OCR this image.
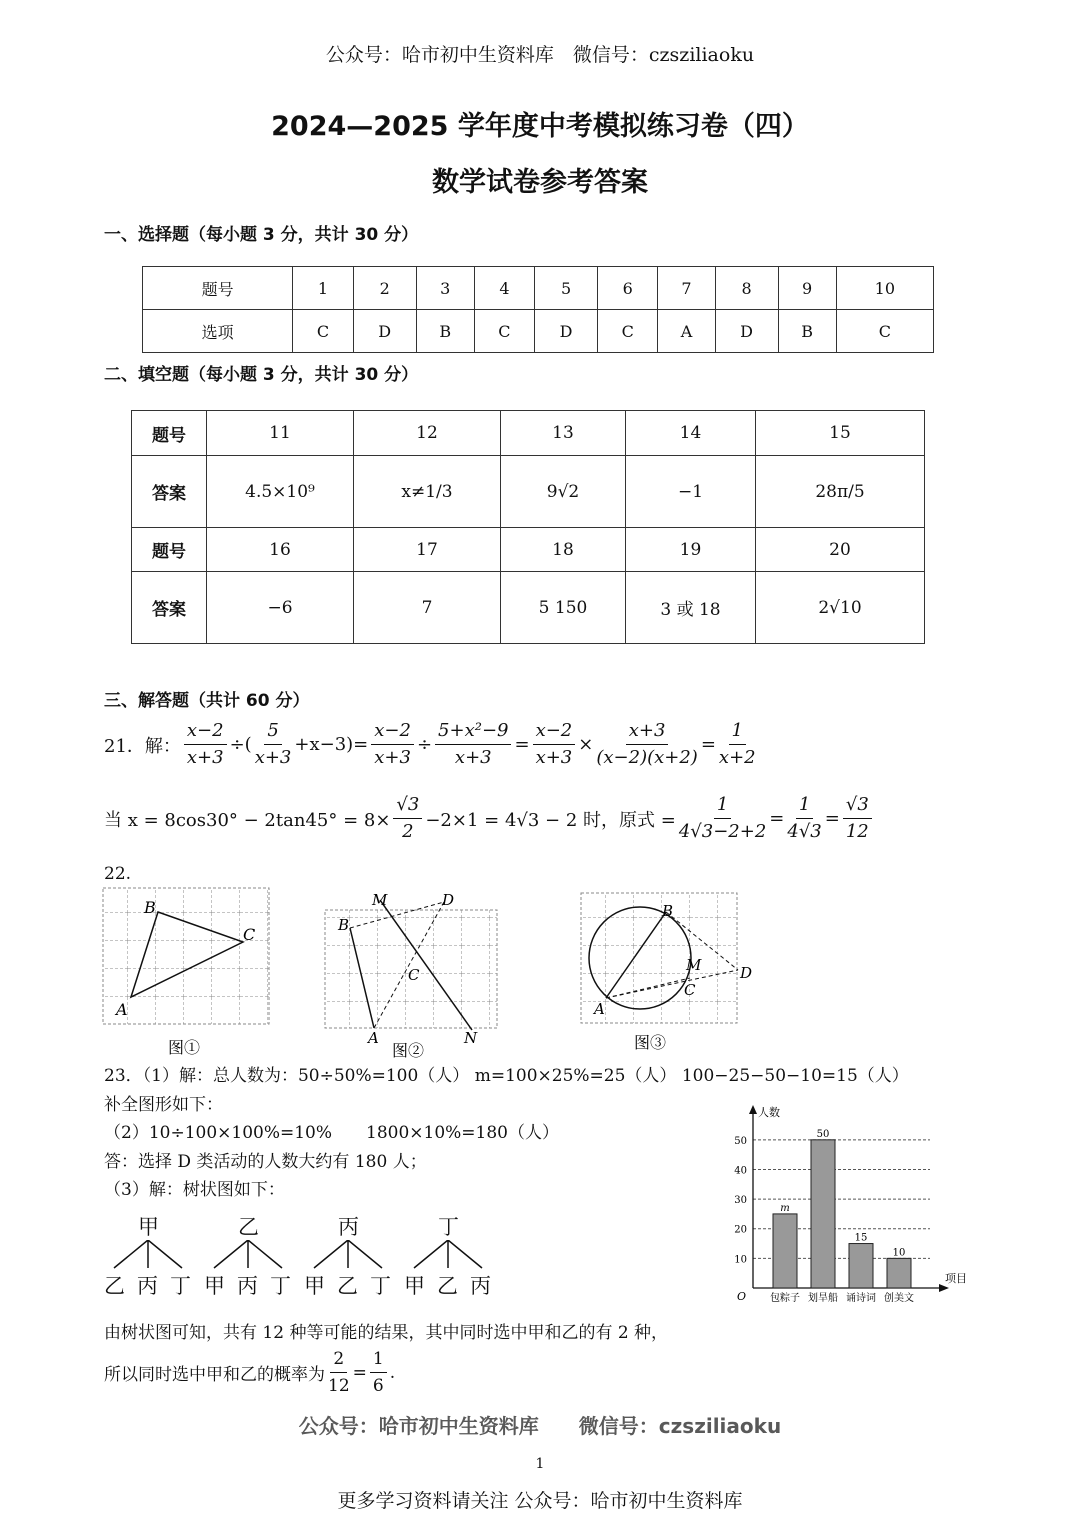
公众号：哈市初中生资料库　微信号：czsziliaoku
2024—2025 学年度中考模拟练习卷（四）
数学试卷参考答案
一、选择题（每小题 3 分，共计 30 分）
题号	1	2	3	4	5	6	7	8	9	10
选项	C	D	B	C	D	C	A	D	B	C
二、填空题（每小题 3 分，共计 30 分）
题号	11	12	13	14	15
答案	4.5×10⁹	x≠1/3	9√2	−1	28π/5
题号	16	17	18	19	20
答案	−6	7	5 150	3 或 18	2√10
三、解答题（共计 60 分）
21．解： $\frac{x-2}{x+3}$ ÷( $\frac{5}{x+3} +x-3)= \frac{x-2}{x+3} \div \frac{\text{5+x²−9}}{x+3} = \frac{x-2}{x+3} \times \frac{x+3}{(x-2)(x+2)} = \frac{1}{x+2}$
当 $x = 8\cos 30^\circ - 2\tan 45^\circ = 8\times \frac{√3}{2} -2\times 1 = 4√3 - 2$ 时，原式 = $\frac{1}{4√3-2+2} = \frac{1}{4√3} = \frac{√3}{12}$
22.
A
B
C
图①
M	D
B
C
A	N
图②
B
M	D
C
A
图③
23．（1）解：总人数为：50÷50%=100（人） m=100×25%=25（人） 100−25−50−10=15（人）
补全图形如下：
（2）10÷100×100%=10%　　1800×10%=180（人）
答：选择 D 类活动的人数大约有 180 人；
（3）解：树状图如下：
甲
乙 丙 丁
乙
甲 丙 丁
丙
甲 乙 丁
丁
甲 乙 丙
由树状图可知，共有 12 种等可能的结果，其中同时选中甲和乙的有 2 种，
所以同时选中甲和乙的概率为 $\frac{2}{12} = \frac{1}{6}$ .
公众号：哈市初中生资料库 微信号：czsziliaoku
10
20
30
40
50
人数
项目
O
m
包粽子
50
划旱船
15
诵诗词
10
创美文
1
更多学习资料请关注 公众号：哈市初中生资料库
